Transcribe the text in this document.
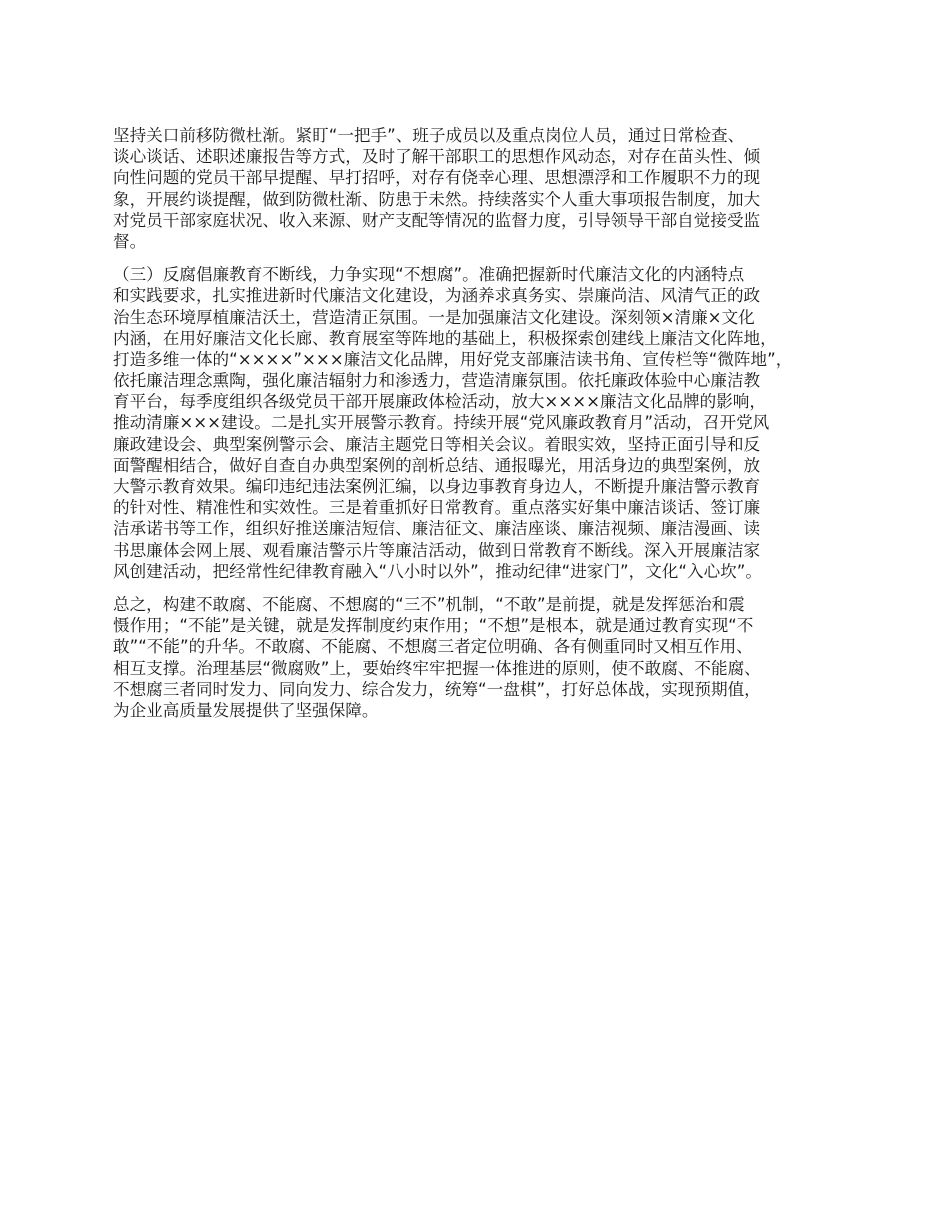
坚持关口前移防微杜渐。紧盯“一把手”、班子成员以及重点岗位人员，通过日常检查、
谈心谈话、述职述廉报告等方式，及时了解干部职工的思想作风动态，对存在苗头性、倾
向性问题的党员干部早提醒、早打招呼，对存有侥幸心理、思想漂浮和工作履职不力的现
象，开展约谈提醒，做到防微杜渐、防患于未然。持续落实个人重大事项报告制度，加大
对党员干部家庭状况、收入来源、财产支配等情况的监督力度，引导领导干部自觉接受监
督。
（三）反腐倡廉教育不断线，力争实现“不想腐”。准确把握新时代廉洁文化的内涵特点
和实践要求，扎实推进新时代廉洁文化建设，为涵养求真务实、崇廉尚洁、风清气正的政
治生态环境厚植廉洁沃土，营造清正氛围。一是加强廉洁文化建设。深刻领×清廉×文化
内涵，在用好廉洁文化长廊、教育展室等阵地的基础上，积极探索创建线上廉洁文化阵地，
打造多维一体的“××××”×××廉洁文化品牌，用好党支部廉洁读书角、宣传栏等“微阵地”，
依托廉洁理念熏陶，强化廉洁辐射力和渗透力，营造清廉氛围。依托廉政体验中心廉洁教
育平台，每季度组织各级党员干部开展廉政体检活动，放大××××廉洁文化品牌的影响，
推动清廉×××建设。二是扎实开展警示教育。持续开展“党风廉政教育月”活动，召开党风
廉政建设会、典型案例警示会、廉洁主题党日等相关会议。着眼实效，坚持正面引导和反
面警醒相结合，做好自查自办典型案例的剖析总结、通报曝光，用活身边的典型案例，放
大警示教育效果。编印违纪违法案例汇编，以身边事教育身边人，不断提升廉洁警示教育
的针对性、精准性和实效性。三是着重抓好日常教育。重点落实好集中廉洁谈话、签订廉
洁承诺书等工作，组织好推送廉洁短信、廉洁征文、廉洁座谈、廉洁视频、廉洁漫画、读
书思廉体会网上展、观看廉洁警示片等廉洁活动，做到日常教育不断线。深入开展廉洁家
风创建活动，把经常性纪律教育融入“八小时以外”，推动纪律“进家门”，文化“入心坎”。
总之，构建不敢腐、不能腐、不想腐的“三不”机制，“不敢”是前提，就是发挥惩治和震
慑作用；“不能”是关键，就是发挥制度约束作用；“不想”是根本，就是通过教育实现“不
敢”“不能”的升华。不敢腐、不能腐、不想腐三者定位明确、各有侧重同时又相互作用、
相互支撑。治理基层“微腐败”上，要始终牢牢把握一体推进的原则，使不敢腐、不能腐、
不想腐三者同时发力、同向发力、综合发力，统筹“一盘棋”，打好总体战，实现预期值，
为企业高质量发展提供了坚强保障。
